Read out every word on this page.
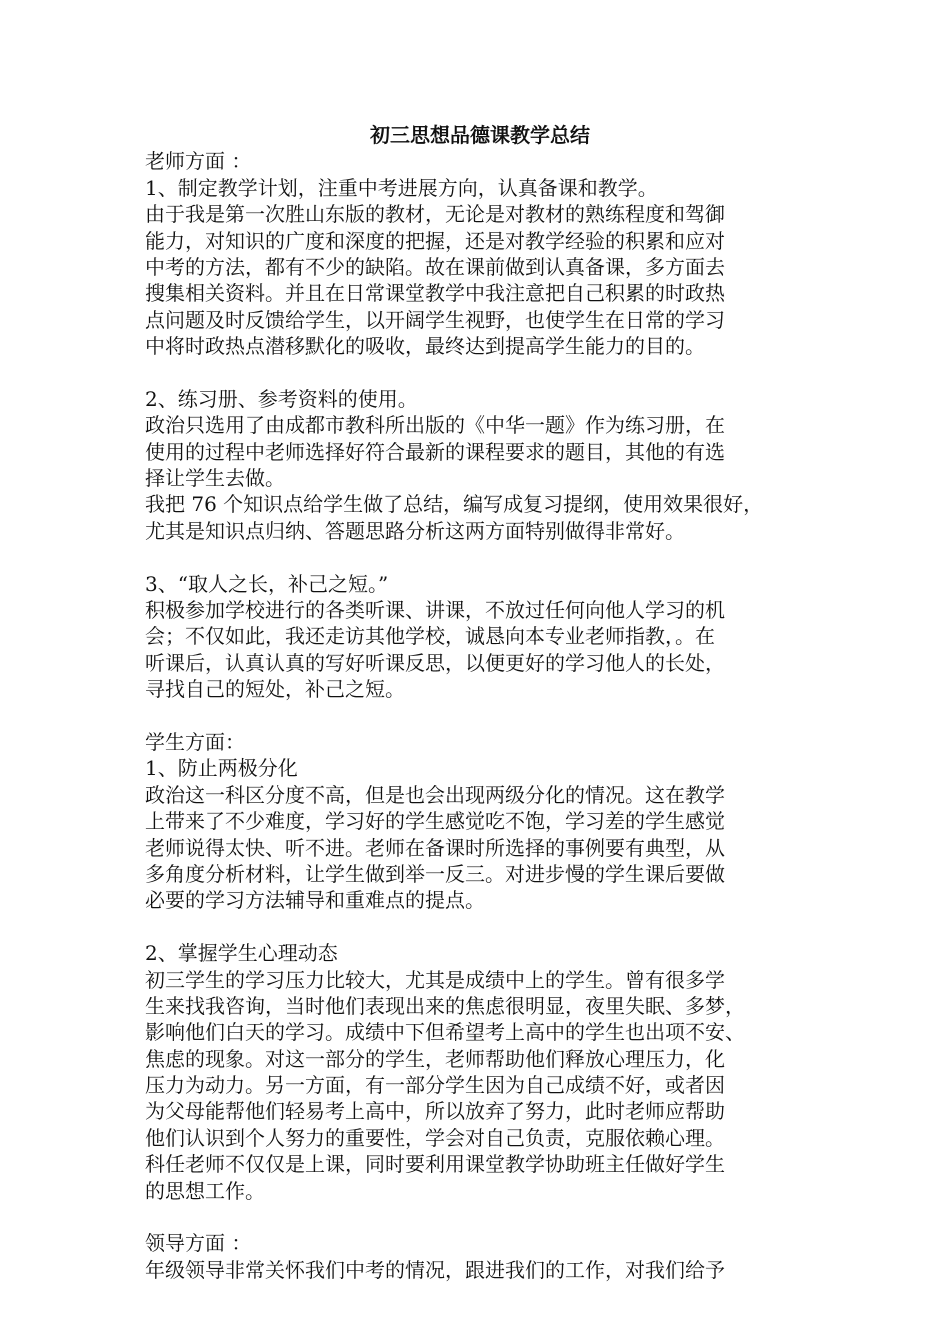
初三思想品德课教学总结
老师方面 ：
1、制定教学计划，注重中考进展方向，认真备课和教学。
由于我是第一次胜山东版的教材，无论是对教材的熟练程度和驾御
能力，对知识的广度和深度的把握，还是对教学经验的积累和应对
中考的方法，都有不少的缺陷。故在课前做到认真备课，多方面去
搜集相关资料。并且在日常课堂教学中我注意把自己积累的时政热
点问题及时反馈给学生，以开阔学生视野，也使学生在日常的学习
中将时政热点潜移默化的吸收，最终达到提高学生能力的目的。
2、练习册、参考资料的使用。
政治只选用了由成都市教科所出版的《中华一题》作为练习册，在
使用的过程中老师选择好符合最新的课程要求的题目，其他的有选
择让学生去做。
我把 76 个知识点给学生做了总结，编写成复习提纲，使用效果很好，
尤其是知识点归纳、答题思路分析这两方面特别做得非常好。
3、“取人之长，补己之短。”
积极参加学校进行的各类听课、讲课，不放过任何向他人学习的机
会；不仅如此，我还走访其他学校，诚恳向本专业老师指教，。在
听课后，认真认真的写好听课反思，以便更好的学习他人的长处，
寻找自己的短处，补己之短。
学生方面：
1、防止两极分化
政治这一科区分度不高，但是也会出现两级分化的情况。这在教学
上带来了不少难度，学习好的学生感觉吃不饱，学习差的学生感觉
老师说得太快、听不进。老师在备课时所选择的事例要有典型，从
多角度分析材料，让学生做到举一反三。对进步慢的学生课后要做
必要的学习方法辅导和重难点的提点。
2、掌握学生心理动态
初三学生的学习压力比较大，尤其是成绩中上的学生。曾有很多学
生来找我咨询，当时他们表现出来的焦虑很明显，夜里失眠、多梦，
影响他们白天的学习。成绩中下但希望考上高中的学生也出项不安、
焦虑的现象。对这一部分的学生，老师帮助他们释放心理压力，化
压力为动力。另一方面，有一部分学生因为自己成绩不好，或者因
为父母能帮他们轻易考上高中，所以放弃了努力，此时老师应帮助
他们认识到个人努力的重要性，学会对自己负责，克服依赖心理。
科任老师不仅仅是上课，同时要利用课堂教学协助班主任做好学生
的思想工作。
领导方面 ：
年级领导非常关怀我们中考的情况，跟进我们的工作，对我们给予
